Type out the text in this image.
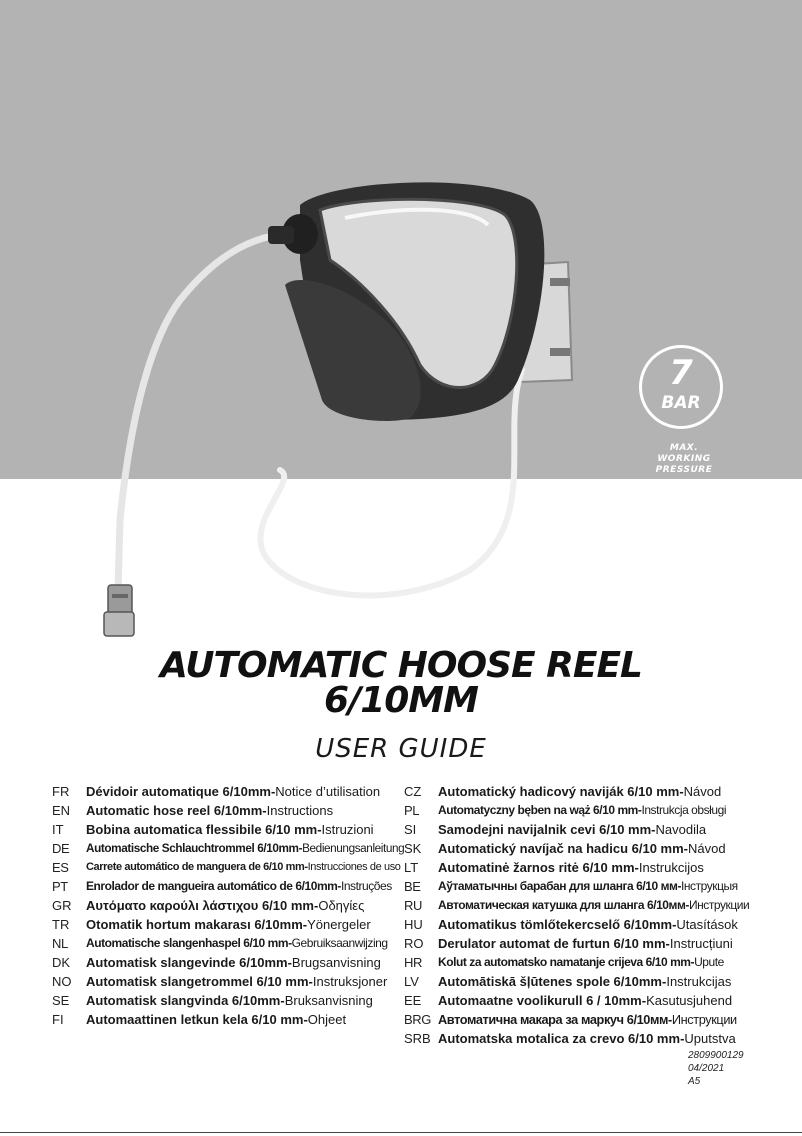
7
BAR
MAX.
WORKING
PRESSURE
AUTOMATIC HOOSE REEL
6/10MM
USER GUIDE
FR	Dévidoir automatique 6/10mm - Notice d’utilisation
EN	Automatic hose reel 6/10mm - Instructions
IT	Bobina automatica flessibile 6/10 mm - Istruzioni
DE	Automatische Schlauchtrommel 6/10mm - Bedienungsanleitung
ES	Carrete automático de manguera de 6/10 mm - Instrucciones de uso
PT	Enrolador de mangueira automático de 6/10mm - Instruções
GR	Αυτόματο καρούλι λάστιχου 6/10 mm - Οδηγίες
TR	Otomatik hortum makarası 6/10mm - Yönergeler
NL	Automatische slangenhaspel 6/10 mm - Gebruiksaanwijzing
DK	Automatisk slangevinde 6/10mm - Brugsanvisning
NO	Automatisk slangetrommel 6/10 mm - Instruksjoner
SE	Automatisk slangvinda 6/10mm - Bruksanvisning
FI	Automaattinen letkun kela 6/10 mm - Ohjeet
CZ	Automatický hadicový naviják 6/10 mm - Návod
PL	Automatyczny bęben na wąż 6/10 mm - Instrukcja obsługi
SI	Samodejni navijalnik cevi 6/10 mm - Navodila
SK	Automatický navíjač na hadicu 6/10 mm - Návod
LT	Automatinė žarnos ritė 6/10 mm - Instrukcijos
BE	Аўтаматычны барабан для шланга 6/10 мм - Інструкцыя
RU	Автоматическая катушка для шланга 6/10мм - Инструкции
HU	Automatikus tömlőtekercselő 6/10mm - Utasítások
RO	Derulator automat de furtun 6/10 mm - Instrucțiuni
HR	Kolut za automatsko namatanje crijeva 6/10 mm - Upute
LV	Automātiskā šļūtenes spole 6/10mm - Instrukcijas
EE	Automaatne voolikurull 6 / 10mm - Kasutusjuhend
BRG Автоматична макара за маркуч 6/10мм - Инструкции
SRB Automatska motalica za crevo 6/10 mm - Uputstva
2809900129
04/2021
A5
